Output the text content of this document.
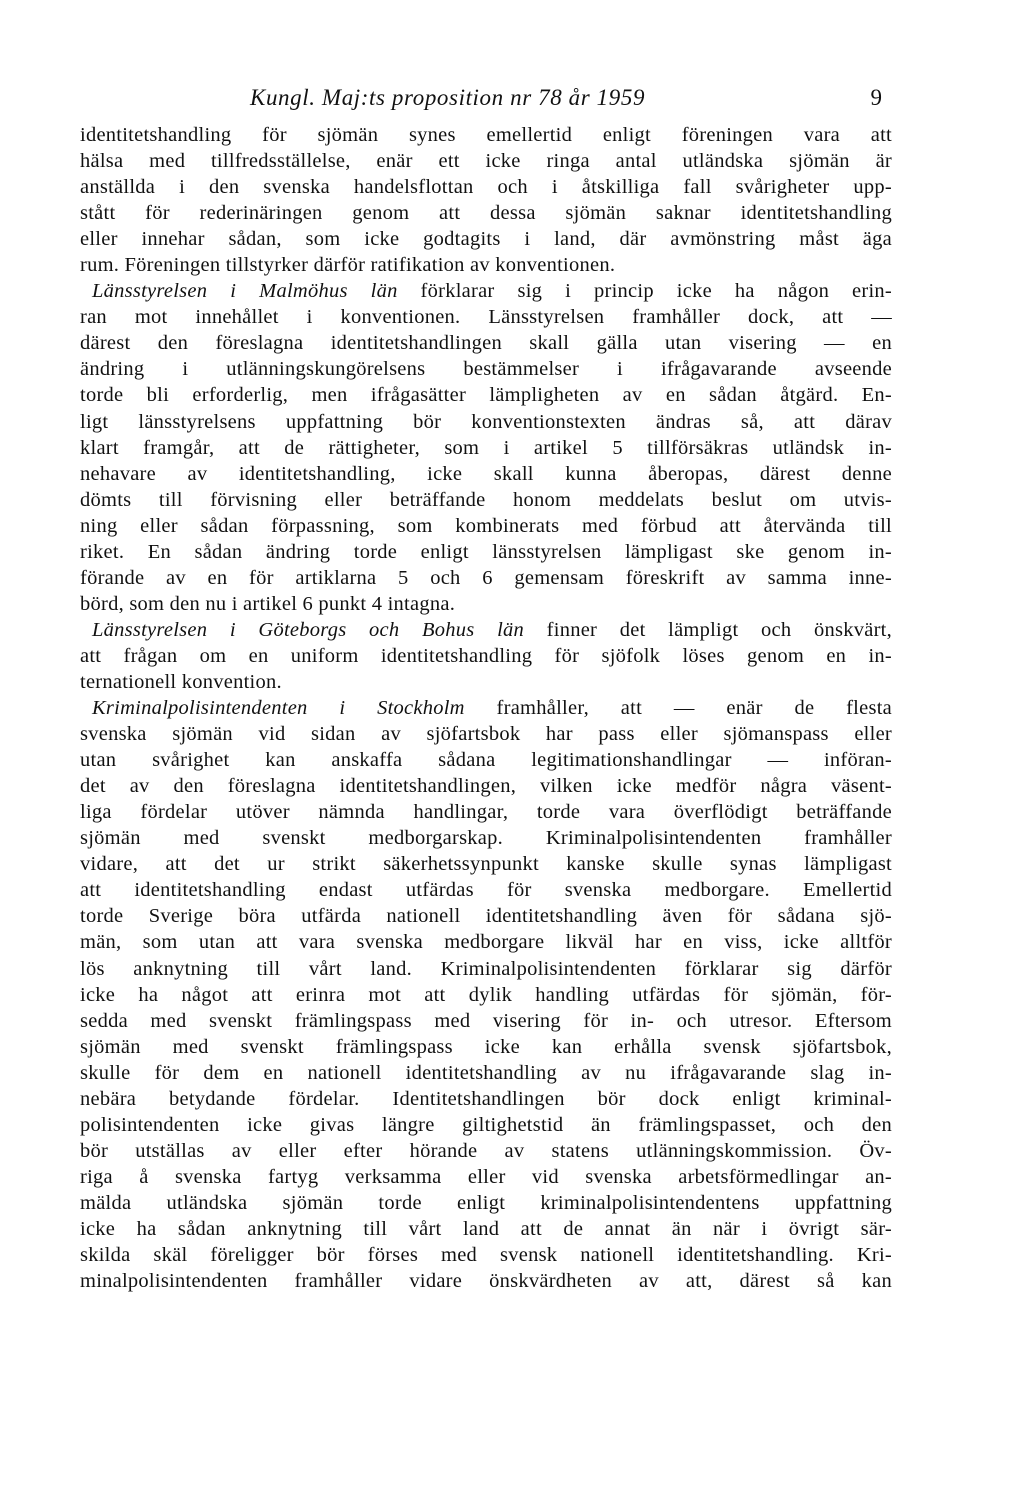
Kungl. Maj:ts proposition nr 78 år 1959	9
identitetshandling för sjömän synes emellertid enligt föreningen vara att
hälsa med tillfredsställelse, enär ett icke ringa antal utländska sjömän är
anställda i den svenska handelsflottan och i åtskilliga fall svårigheter upp-
stått för rederinäringen genom att dessa sjömän saknar identitetshandling
eller innehar sådan, som icke godtagits i land, där avmönstring måst äga
rum. Föreningen tillstyrker därför ratifikation av konventionen.
Länsstyrelsen i Malmöhus län förklarar sig i princip icke ha någon erin-
ran mot innehållet i konventionen. Länsstyrelsen framhåller dock, att —
därest den föreslagna identitetshandlingen skall gälla utan visering — en
ändring i utlänningskungörelsens bestämmelser i ifrågavarande avseende
torde bli erforderlig, men ifrågasätter lämpligheten av en sådan åtgärd. En-
ligt länsstyrelsens uppfattning bör konventionstexten ändras så, att därav
klart framgår, att de rättigheter, som i artikel 5 tillförsäkras utländsk in-
nehavare av identitetshandling, icke skall kunna åberopas, därest denne
dömts till förvisning eller beträffande honom meddelats beslut om utvis-
ning eller sådan förpassning, som kombinerats med förbud att återvända till
riket. En sådan ändring torde enligt länsstyrelsen lämpligast ske genom in-
förande av en för artiklarna 5 och 6 gemensam föreskrift av samma inne-
börd, som den nu i artikel 6 punkt 4 intagna.
Länsstyrelsen i Göteborgs och Bohus län finner det lämpligt och önskvärt,
att frågan om en uniform identitetshandling för sjöfolk löses genom en in-
ternationell konvention.
Kriminalpolisintendenten i Stockholm framhåller, att — enär de flesta
svenska sjömän vid sidan av sjöfartsbok har pass eller sjömanspass eller
utan svårighet kan anskaffa sådana legitimationshandlingar — införan-
det av den föreslagna identitetshandlingen, vilken icke medför några väsent-
liga fördelar utöver nämnda handlingar, torde vara överflödigt beträffande
sjömän med svenskt medborgarskap. Kriminalpolisintendenten framhåller
vidare, att det ur strikt säkerhetssynpunkt kanske skulle synas lämpligast
att identitetshandling endast utfärdas för svenska medborgare. Emellertid
torde Sverige böra utfärda nationell identitetshandling även för sådana sjö-
män, som utan att vara svenska medborgare likväl har en viss, icke alltför
lös anknytning till vårt land. Kriminalpolisintendenten förklarar sig därför
icke ha något att erinra mot att dylik handling utfärdas för sjömän, för-
sedda med svenskt främlingspass med visering för in- och utresor. Eftersom
sjömän med svenskt främlingspass icke kan erhålla svensk sjöfartsbok,
skulle för dem en nationell identitetshandling av nu ifrågavarande slag in-
nebära betydande fördelar. Identitetshandlingen bör dock enligt kriminal-
polisintendenten icke givas längre giltighetstid än främlingspasset, och den
bör utställas av eller efter hörande av statens utlänningskommission. Öv-
riga å svenska fartyg verksamma eller vid svenska arbetsförmedlingar an-
mälda utländska sjömän torde enligt kriminalpolisintendentens uppfattning
icke ha sådan anknytning till vårt land att de annat än när i övrigt sär-
skilda skäl föreligger bör förses med svensk nationell identitetshandling. Kri-
minalpolisintendenten framhåller vidare önskvärdheten av att, därest så kan
